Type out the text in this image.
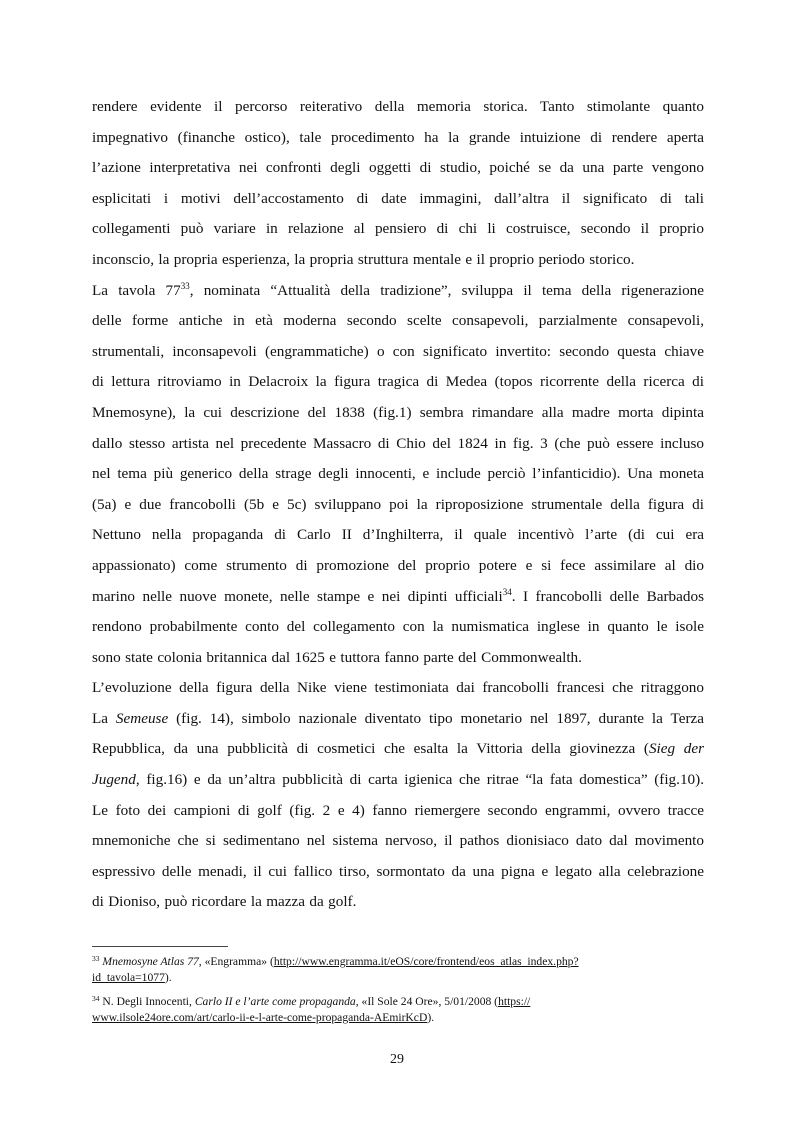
rendere evidente il percorso reiterativo della memoria storica. Tanto stimolante quanto
impegnativo (finanche ostico), tale procedimento ha la grande intuizione di rendere aperta
l’azione interpretativa nei confronti degli oggetti di studio, poiché se da una parte vengono
esplicitati i motivi dell’accostamento di date immagini, dall’altra il significato di tali
collegamenti può variare in relazione al pensiero di chi li costruisce, secondo il proprio
inconscio, la propria esperienza, la propria struttura mentale e il proprio periodo storico.
La tavola $77^{33}$, nominata “Attualità della tradizione”, sviluppa il tema della rigenerazione
delle forme antiche in età moderna secondo scelte consapevoli, parzialmente consapevoli,
strumentali, inconsapevoli (engrammatiche) o con significato invertito: secondo questa chiave
di lettura ritroviamo in Delacroix la figura tragica di Medea (topos ricorrente della ricerca di
Mnemosyne), la cui descrizione del 1838 (fig.1) sembra rimandare alla madre morta dipinta
dallo stesso artista nel precedente Massacro di Chio del 1824 in fig. 3 (che può essere incluso
nel tema più generico della strage degli innocenti, e include perciò l’infanticidio). Una moneta
(5a) e due francobolli (5b e 5c) sviluppano poi la riproposizione strumentale della figura di
Nettuno nella propaganda di Carlo II d’Inghilterra, il quale incentivò l’arte (di cui era
appassionato) come strumento di promozione del proprio potere e si fece assimilare al dio
marino nelle nuove monete, nelle stampe e nei dipinti ufficiali$^{34}$. I francobolli delle Barbados
rendono probabilmente conto del collegamento con la numismatica inglese in quanto le isole
sono state colonia britannica dal 1625 e tuttora fanno parte del Commonwealth.
L’evoluzione della figura della Nike viene testimoniata dai francobolli francesi che ritraggono
La Semeuse (fig. 14), simbolo nazionale diventato tipo monetario nel 1897, durante la Terza
Repubblica, da una pubblicità di cosmetici che esalta la Vittoria della giovinezza (Sieg der
Jugend, fig.16) e da un’altra pubblicità di carta igienica che ritrae “la fata domestica” (fig.10).
Le foto dei campioni di golf (fig. 2 e 4) fanno riemergere secondo engrammi, ovvero tracce
mnemoniche che si sedimentano nel sistema nervoso, il pathos dionisiaco dato dal movimento
espressivo delle menadi, il cui fallico tirso, sormontato da una pigna e legato alla celebrazione
di Dioniso, può ricordare la mazza da golf.
$^{33}$ Mnemosyne Atlas 77, «Engramma» (http://www.engramma.it/eOS/core/frontend/eos_atlas_index.php?
id_tavola=1077).
$^{34}$ N. Degli Innocenti, Carlo II e l’arte come propaganda, «Il Sole 24 Ore», 5/01/2008 (https://
www.ilsole24ore.com/art/carlo-ii-e-l-arte-come-propaganda-AEmirKcD).
29
